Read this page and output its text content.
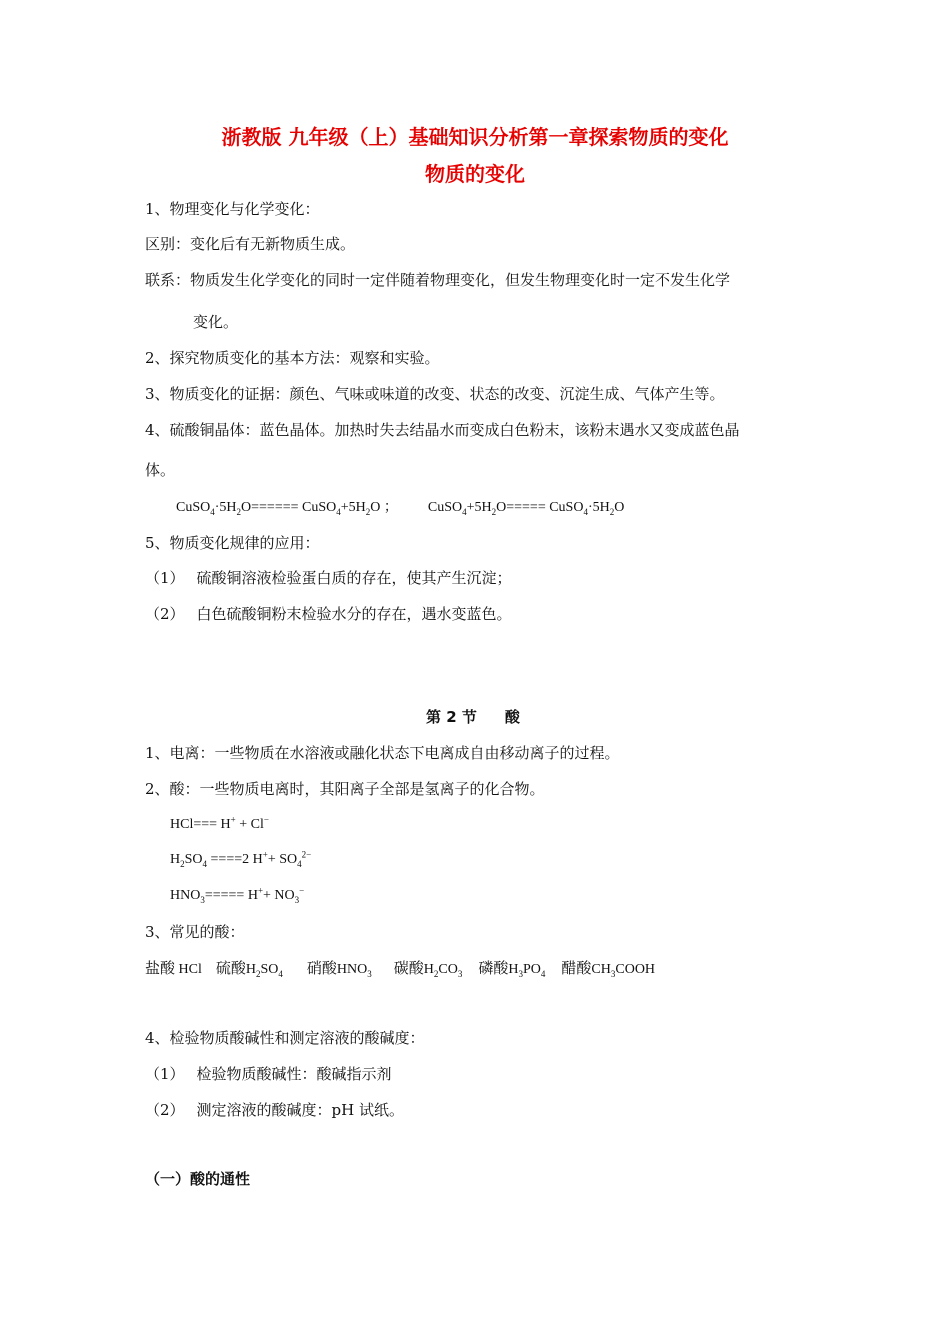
浙教版 九年级（上）基础知识分析第一章探索物质的变化
物质的变化
1、物理变化与化学变化：
区别：变化后有无新物质生成。
联系：物质发生化学变化的同时一定伴随着物理变化，但发生物理变化时一定不发生化学
变化。
2、探究物质变化的基本方法：观察和实验。
3、物质变化的证据：颜色、气味或味道的改变、状态的改变、沉淀生成、气体产生等。
4、硫酸铜晶体：蓝色晶体。加热时失去结晶水而变成白色粉末，该粉末遇水又变成蓝色晶
体。
$CuSO_4\cdot 5H_2O======$ $CuSO_4+5H_2O$ ； $CuSO_4+5H_2O=====$ $CuSO_4\cdot 5H_2O$
5、物质变化规律的应用：
（1） 硫酸铜溶液检验蛋白质的存在，使其产生沉淀；
（2） 白色硫酸铜粉末检验水分的存在，遇水变蓝色。
第 2 节 酸
1、电离：一些物质在水溶液或融化状态下电离成自由移动离子的过程。
2、酸：一些物质电离时，其阳离子全部是氢离子的化合物。
HCl=== H+ + Cl−
$H_2SO_4 ====2$ $H^++ SO_4^{2-}$
$HNO_3===== H^++ NO_3^-$
3、常见的酸：
盐酸 HCl 硫酸$H_2SO_4$ 硝酸$HNO_3$ 碳酸$H_2CO_3$ 磷酸$H_3PO_4$ 醋酸$CH_3COOH$
4、检验物质酸碱性和测定溶液的酸碱度：
（1） 检验物质酸碱性：酸碱指示剂
（2） 测定溶液的酸碱度：pH 试纸。
（一）酸的通性
